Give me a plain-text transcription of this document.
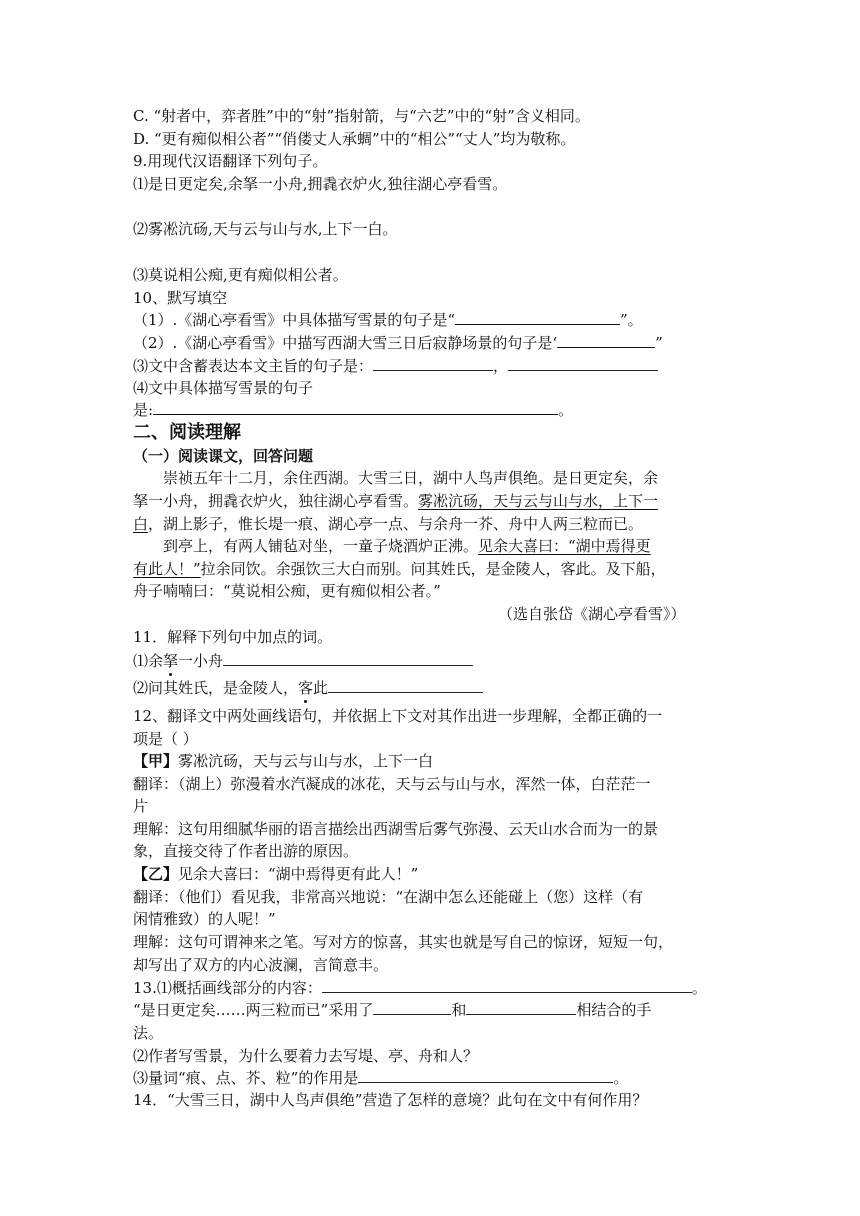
C. “射者中，弈者胜”中的“射”指射箭，与“六艺”中的“射”含义相同。
D. “更有痴似相公者”“俏偻丈人承蜩”中的“相公”“丈人”均为敬称。
9.用现代汉语翻译下列句子。
⑴是日更定矣,余拏一小舟,拥毳衣炉火,独往湖心亭看雪。
⑵雾凇沆砀,天与云与山与水,上下一白。
⑶莫说相公痴,更有痴似相公者。
10、默写填空
（1）.《湖心亭看雪》中具体描写雪景的句子是“	”。
（2）.《湖心亭看雪》中描写西湖大雪三日后寂静场景的句子是‘	”
⑶文中含蓄表达本文主旨的句子是：	，
⑷文中具体描写雪景的句子
是:	。
二、阅读理解
（一）阅读课文，回答问题
崇祯五年十二月，余住西湖。大雪三日，湖中人鸟声俱绝。是日更定矣，余
拏一小舟，拥毳衣炉火，独往湖心亭看雪。雾凇沆砀，天与云与山与水，上下一
白，湖上影子，惟长堤一痕、湖心亭一点、与余舟一芥、舟中人两三粒而已。
到亭上，有两人铺毡对坐，一童子烧酒炉正沸。见余大喜曰：“湖中焉得更
有此人！”拉余同饮。余强饮三大白而别。问其姓氏，是金陵人，客此。及下船，
舟子喃喃曰：“莫说相公痴，更有痴似相公者。”
（选自张岱《湖心亭看雪》）
11．解释下列句中加点的词。
⑴余拏一小舟
⑵问其姓氏，是金陵人，客此
12、翻译文中两处画线语句，并依据上下文对其作出进一步理解，全都正确的一
项是（ ）
【甲】雾凇沆砀，天与云与山与水，上下一白
翻译：（湖上）弥漫着水汽凝成的冰花，天与云与山与水，浑然一体，白茫茫一
片
理解：这句用细腻华丽的语言描绘出西湖雪后雾气弥漫、云天山水合而为一的景
象，直接交待了作者出游的原因。
【乙】见余大喜曰：“湖中焉得更有此人！”
翻译：（他们）看见我，非常高兴地说：“在湖中怎么还能碰上（您）这样（有
闲情雅致）的人呢！”
理解：这句可谓神来之笔。写对方的惊喜，其实也就是写自己的惊讶，短短一句，
却写出了双方的内心波澜，言简意丰。
13.⑴概括画线部分的内容：	。
“是日更定矣……两三粒而已”采用了	和	相结合的手
法。
⑵作者写雪景，为什么要着力去写堤、亭、舟和人？
⑶量词“痕、点、芥、粒”的作用是	。
14．“大雪三日，湖中人鸟声俱绝”营造了怎样的意境？此句在文中有何作用？
